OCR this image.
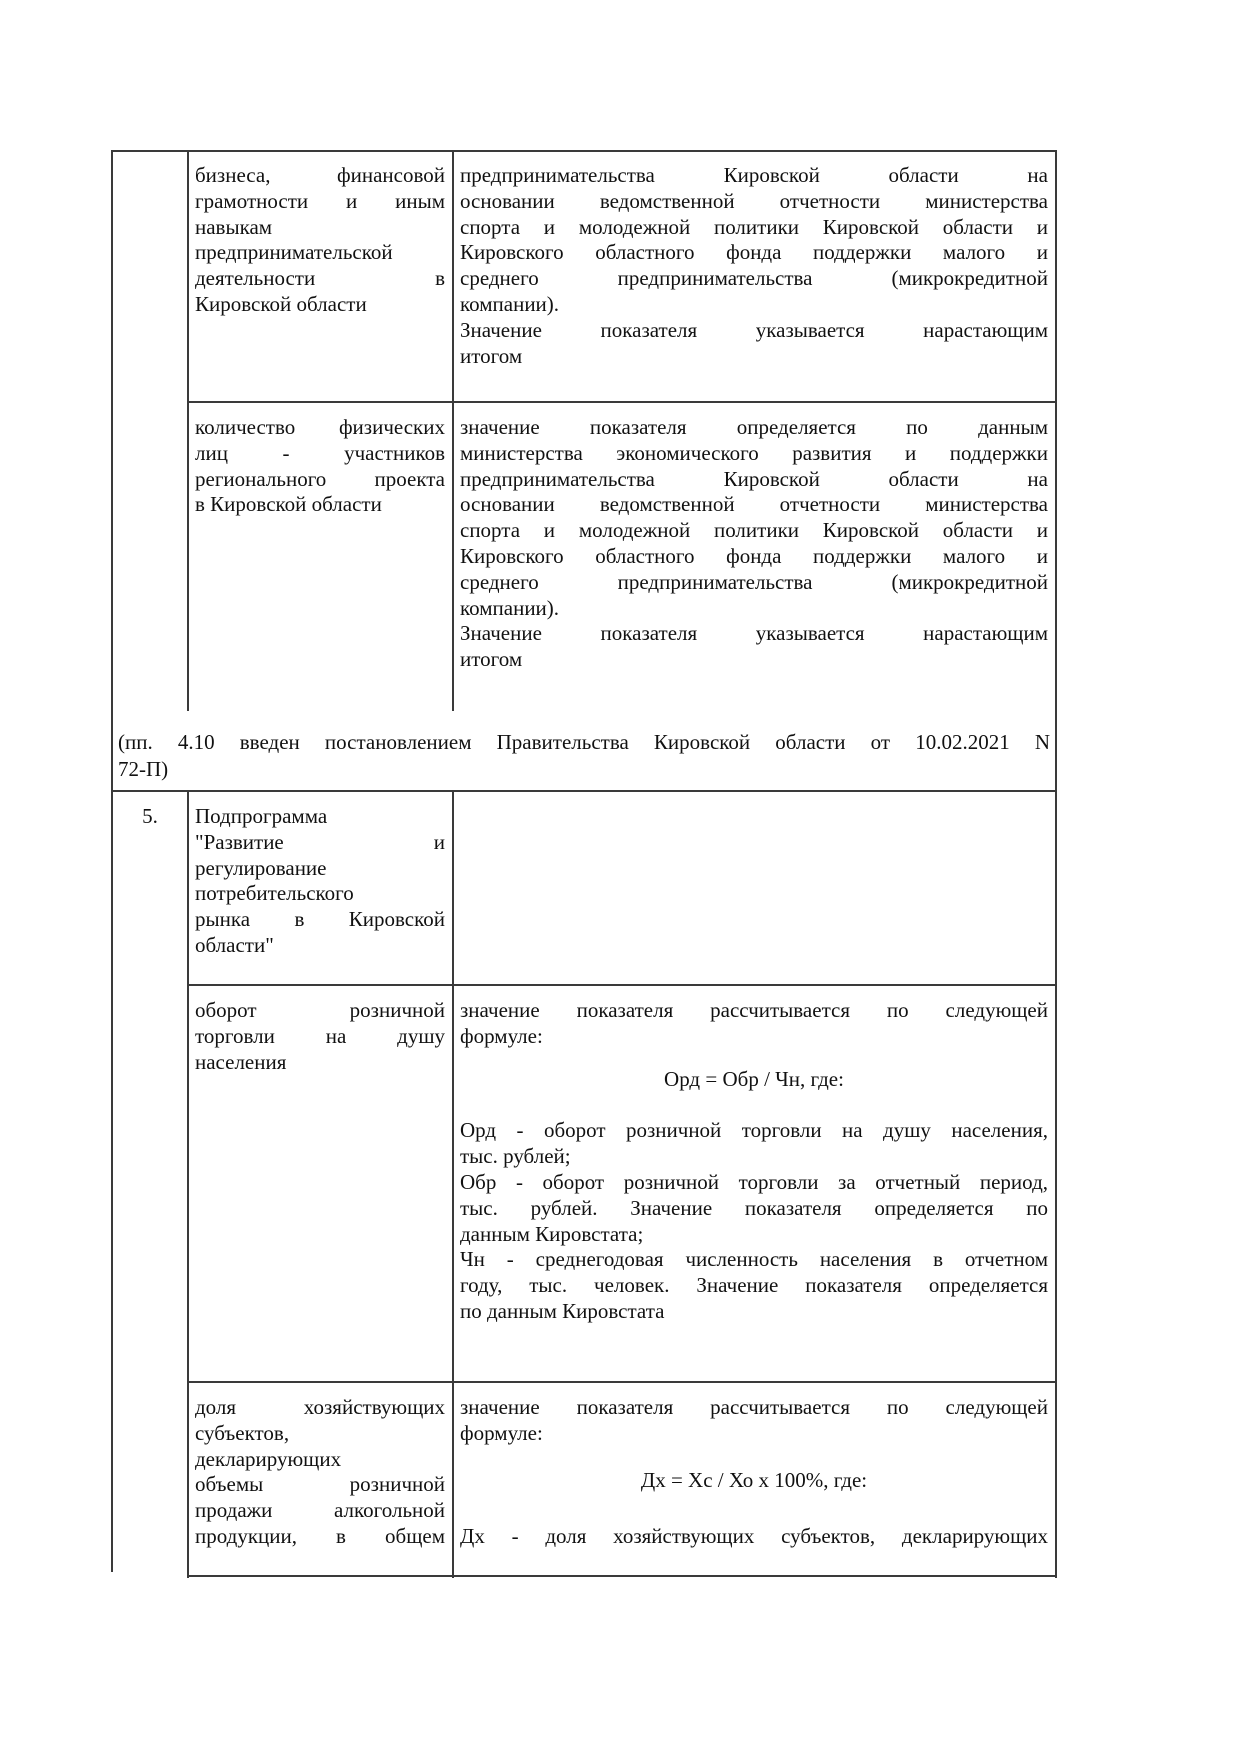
бизнеса, финансовой

грамотности и иным

навыкам

предпринимательской

деятельности в

Кировской области

предпринимательства Кировской области на

основании ведомственной отчетности министерства

спорта и молодежной политики Кировской области и

Кировского областного фонда поддержки малого и

среднего предпринимательства (микрокредитной

компании).

Значение показателя указывается нарастающим

итогом

количество физических

лиц - участников

регионального проекта

в Кировской области

значение показателя определяется по данным

министерства экономического развития и поддержки

предпринимательства Кировской области на

основании ведомственной отчетности министерства

спорта и молодежной политики Кировской области и

Кировского областного фонда поддержки малого и

среднего предпринимательства (микрокредитной

компании).

Значение показателя указывается нарастающим

итогом

(пп. 4.10 введен постановлением Правительства Кировской области от 10.02.2021 N
72-П)
5.	Подпрограмма

"Развитие и

регулирование

потребительского

рынка в Кировской

области"

оборот розничной

торговли на душу

населения

значение показателя рассчитывается по следующей

формуле:

Орд = Обр / Чн, где:

Орд - оборот розничной торговли на душу населения,

тыс. рублей;

Обр - оборот розничной торговли за отчетный период,

тыс. рублей. Значение показателя определяется по

данным Кировстата;

Чн - среднегодовая численность населения в отчетном

году, тыс. человек. Значение показателя определяется

по данным Кировстата

доля хозяйствующих

субъектов,

декларирующих

объемы розничной

продажи алкогольной

продукции, в общем

значение показателя рассчитывается по следующей

формуле:

Дх = Хс / Хо х 100%, где:

Дх - доля хозяйствующих субъектов, декларирующих
